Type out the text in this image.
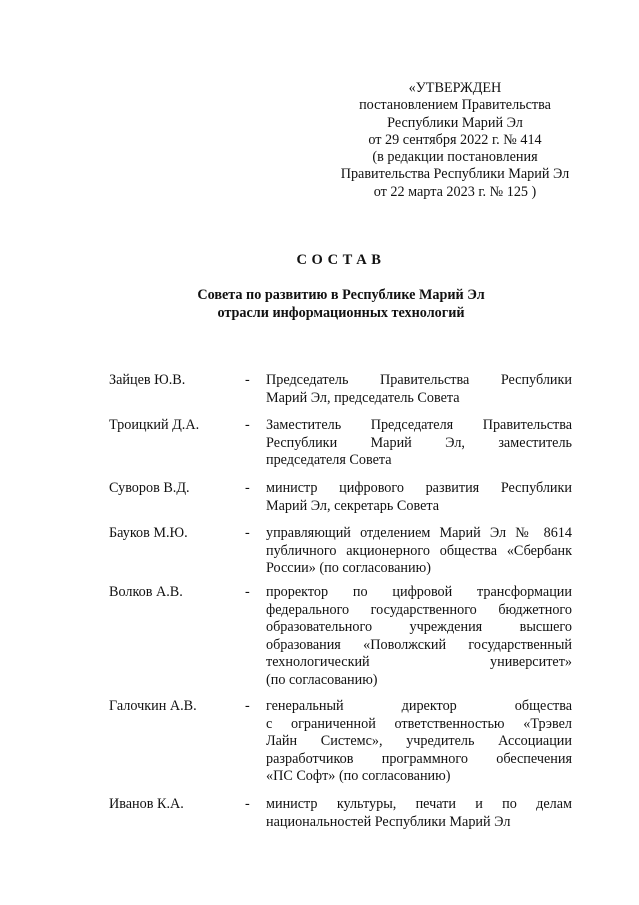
«УТВЕРЖДЕН
постановлением Правительства
Республики Марий Эл
от 29 сентября 2022 г. № 414
(в редакции постановления
Правительства Республики Марий Эл
от 22 марта 2023 г. № 125 )
СОСТАВ
Совета по развитию в Республике Марий Эл
отрасли информационных технологий
Зайцев Ю.В.	- Председатель Правительства Республики
Марий Эл, председатель Совета
Троицкий Д.А.	- Заместитель Председателя Правительства
Республики Марий Эл, заместитель
председателя Совета
Суворов В.Д.	- министр цифрового развития Республики
Марий Эл, секретарь Совета
Бауков М.Ю.	- управляющий отделением Марий Эл № 8614
публичного акционерного общества «Сбербанк
России» (по согласованию)
Волков А.В.	- проректор по цифровой трансформации
федерального государственного бюджетного
образовательного учреждения высшего
образования «Поволжский государственный
технологический университет»
(по согласованию)
Галочкин А.В.	- генеральный директор общества
с ограниченной ответственностью «Трэвел
Лайн Системс», учредитель Ассоциации
разработчиков программного обеспечения
«ПС Софт» (по согласованию)
Иванов К.А.	- министр культуры, печати и по делам
национальностей Республики Марий Эл
